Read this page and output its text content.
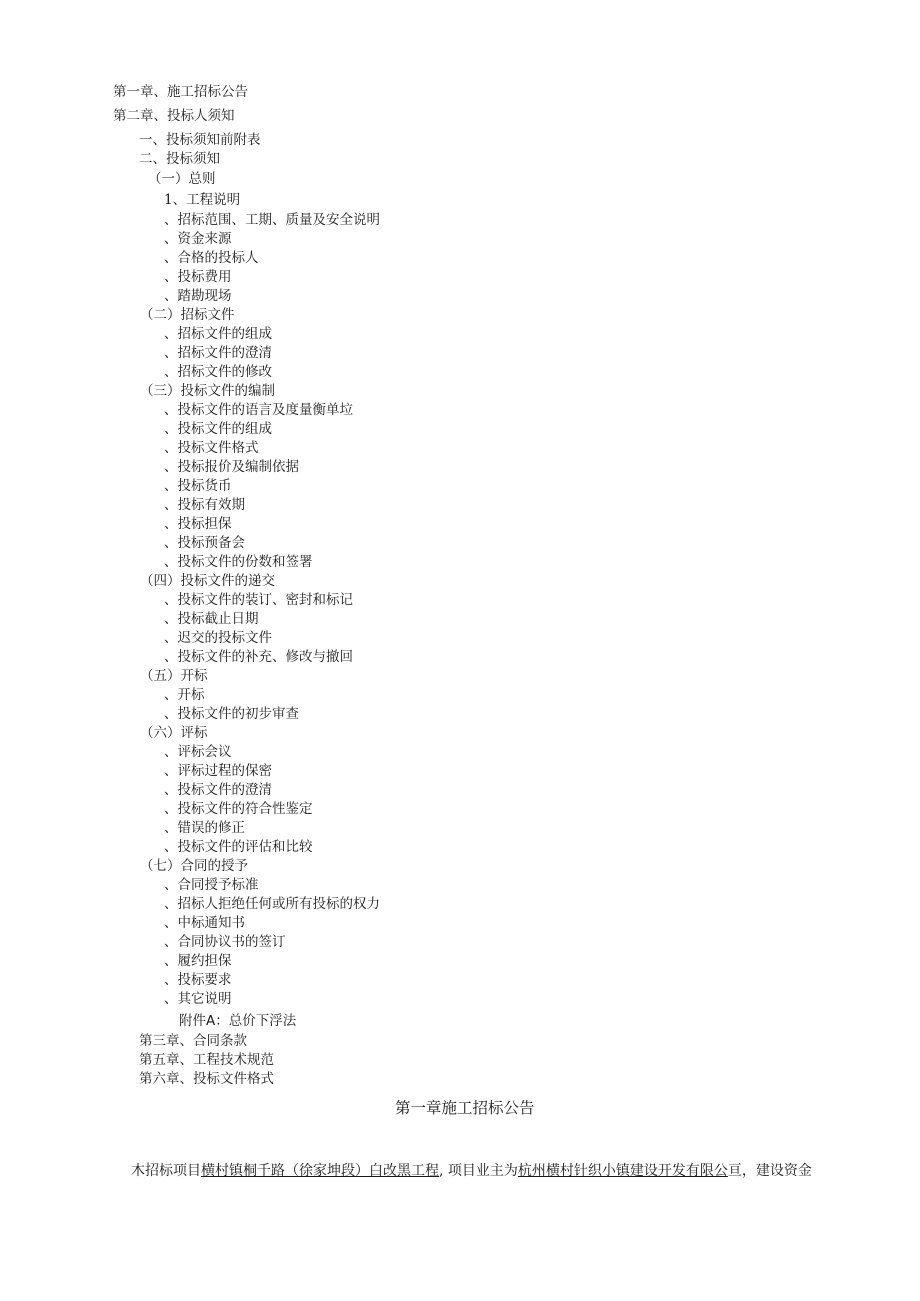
第一章、施工招标公告
第二章、投标人须知
一、投标须知前附表
二、投标须知
（一）总则
1、工程说明
、招标范围、工期、质量及安全说明
、资金来源
、合格的投标人
、投标费用
、踏勘现场
（二）招标文件
、招标文件的组成
、招标文件的澄清
、招标文件的修改
（三）投标文件的编制
、投标文件的语言及度量衡单垃
、投标文件的组成
、投标文件格式
、投标报价及编制依据
、投标货币
、投标有效期
、投标担保
、投标预备会
、投标文件的份数和签署
（四）投标文件的递交
、投标文件的装订、密封和标记
、投标截止日期
、迟交的投标文件
、投标文件的补充、修改与撤回
（五）开标
、开标
、投标文件的初步审查
（六）评标
、评标会议
、评标过程的保密
、投标文件的澄清
、投标文件的符合性鉴定
、错误的修正
、投标文件的评估和比较
（七）合同的授予
、合同授予标准
、招标人拒绝任何或所有投标的权力
、中标通知书
、合同协议书的签订
、履约担保
、投标要求
、其它说明
附件A：总价下浮法
第三章、合同条款
第五章、工程技术规范
第六章、投标文件格式
第一章施工招标公告
木招标项目横村镇桐千路（徐家坤段）白改黑工程, 项目业主为杭州横村针织小镇建设开发有限公亘，建设资金
